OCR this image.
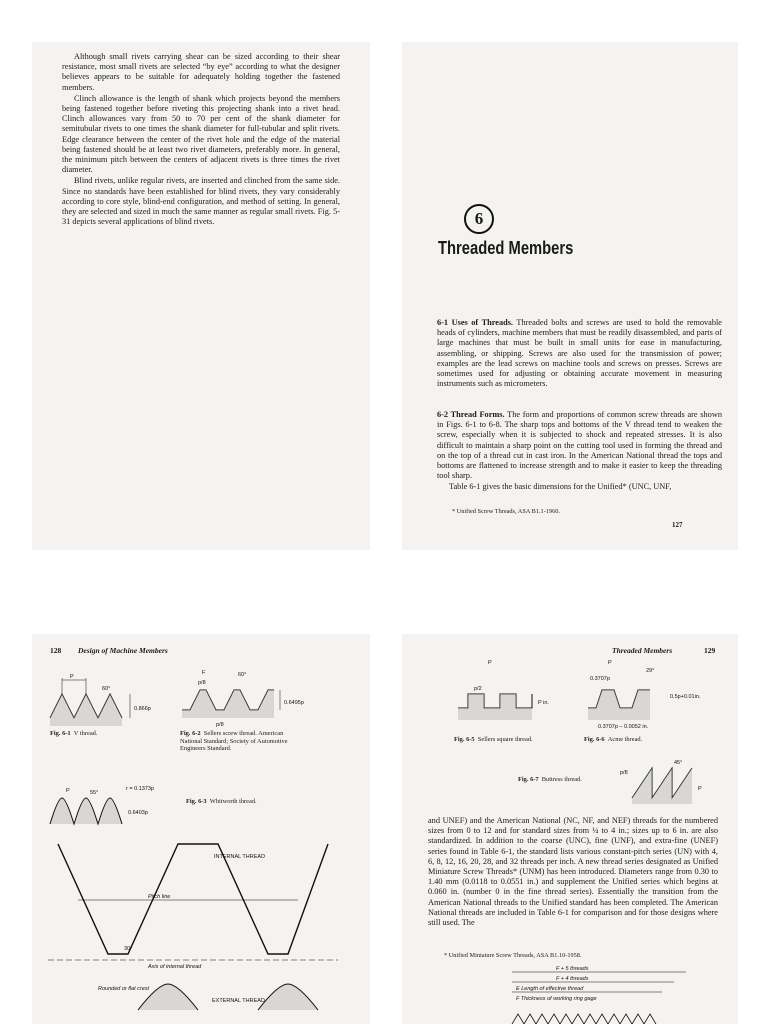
Although small rivets carrying shear can be sized according to their shear resistance, most small rivets are selected “by eye” according to what the designer believes appears to be suitable for adequately holding together the fastened members.

Clinch allowance is the length of shank which projects beyond the members being fastened together before riveting this projecting shank into a rivet head. Clinch allowances vary from 50 to 70 per cent of the shank diameter for semitubular rivets to one times the shank diameter for full-tubular and split rivets. Edge clearance between the center of the rivet hole and the edge of the material being fastened should be at least two rivet diameters, preferably more. In general, the minimum pitch between the centers of adjacent rivets is three times the rivet diameter.

Blind rivets, unlike regular rivets, are inserted and clinched from the same side. Since no standards have been established for blind rivets, they vary considerably according to core style, blind-end configuration, and method of setting. In general, they are selected and sized in much the same manner as regular small rivets. Fig. 5-31 depicts several applications of blind rivets.	6
Threaded Members

6-1 Uses of Threads. Threaded bolts and screws are used to hold the removable heads of cylinders, machine members that must be readily disassembled, and parts of large machines that must be built in small units for ease in manufacturing, assembling, or shipping. Screws are also used for the transmission of power; examples are the lead screws on machine tools and screws on presses. Screws are sometimes used for adjusting or obtaining accurate movement in measuring instruments such as micrometers.

6-2 Thread Forms. The form and proportions of common screw threads are shown in Figs. 6-1 to 6-8. The sharp tops and bottoms of the V thread tend to weaken the screw, especially when it is subjected to shock and repeated stresses. It is also difficult to maintain a sharp point on the cutting tool used in forming the thread and on the top of a thread cut in cast iron. In the American National thread the tops and bottoms are flattened to increase strength and to make it easier to keep the threading tool sharp.

Table 6-1 gives the basic dimensions for the Unified* (UNC, UNF,

* Unified Screw Threads, ASA B1.1-1960.
127
128 Design of Machine Members
P
60°
0.866p
Fig. 6-1 V thread.
F
p/8
60°
0.6495p
p/8
Fig. 6-2 Sellers screw thread. American National Standard; Society of Automotive Engineers Standard.
P	55°
r = 0.1373p
0.6403p
Fig. 6-3 Whitworth thread.
INTERNAL THREAD
Pitch line
30°
Axis of internal thread
Rounded or flat crest
EXTERNAL THREAD
Threaded Members	129
P
p/2
P in.
Fig. 6-5 Sellers square thread.
P
0.3707p
29°
0.5p+0.01in.
0.3707p – 0.0052 in.
Fig. 6-6 Acme thread.
p/8
45°
P
Fig. 6-7 Buttress thread.

and UNEF) and the American National (NC, NF, and NEF) threads for the numbered sizes from 0 to 12 and for standard sizes from ¼ to 4 in.; sizes up to 6 in. are also standardized. In addition to the coarse (UNC), fine (UNF), and extra-fine (UNEF) series found in Table 6-1, the standard lists various constant-pitch series (UN) with 4, 6, 8, 12, 16, 20, 28, and 32 threads per inch. A new thread series designated as Unified Miniature Screw Threads* (UNM) has been introduced. Diameters range from 0.30 to 1.40 mm (0.0118 to 0.0551 in.) and supplement the Unified series which begins at 0.060 in. (number 0 in the fine thread series). Essentially the transition from the American National threads to the Unified standard has been completed. The American National threads are included in Table 6-1 for comparison and for those designs where still used. The

* Unified Miniature Screw Threads, ASA B1.10-1958.
F + 5 threads
F + 4 threads
E Length of effective thread
F Thickness of working ring gage
